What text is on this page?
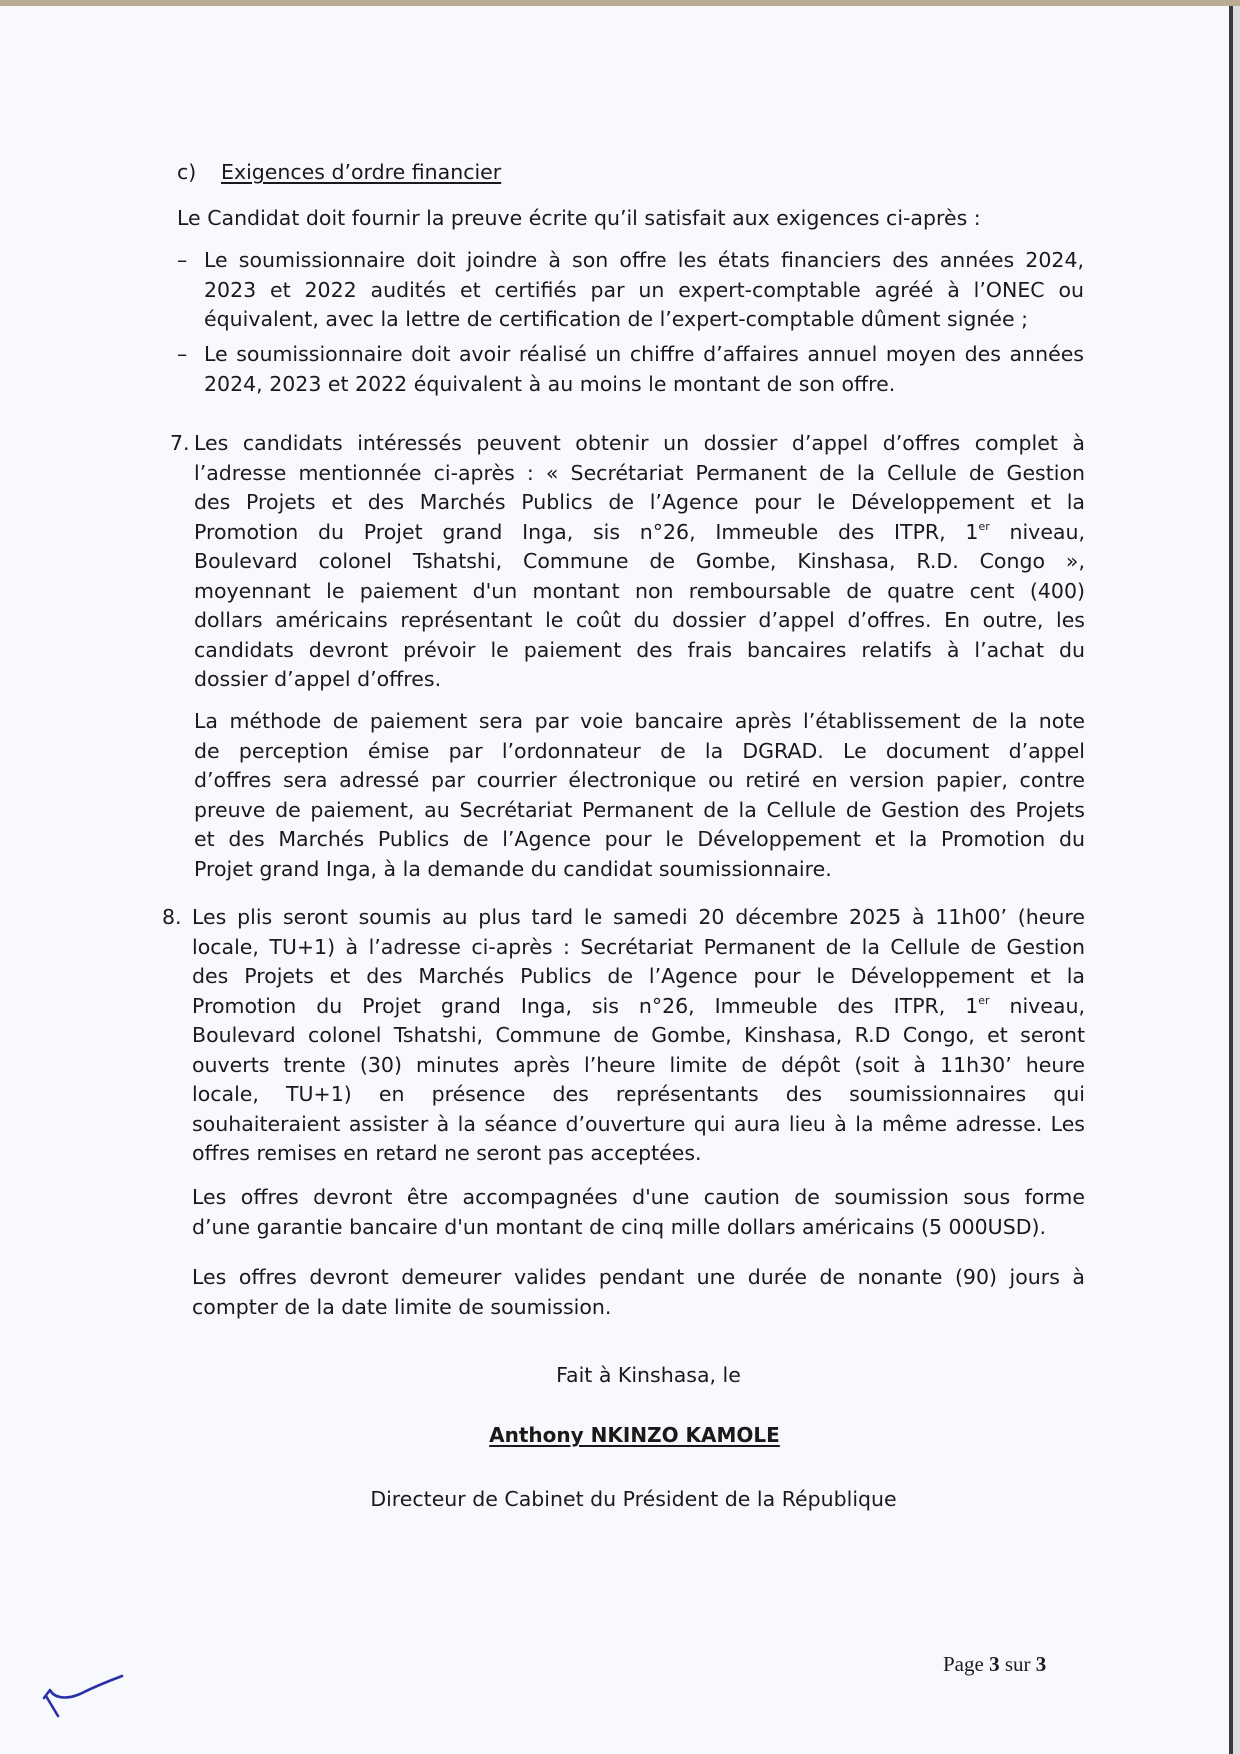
c) Exigences d’ordre financier
Le Candidat doit fournir la preuve écrite qu’il satisfait aux exigences ci-après :
– Le soumissionnaire doit joindre à son offre les états financiers des années 2024,
2023 et 2022 audités et certifiés par un expert-comptable agréé à l’ONEC ou
équivalent, avec la lettre de certification de l’expert-comptable dûment signée ;
– Le soumissionnaire doit avoir réalisé un chiffre d’affaires annuel moyen des années
2024, 2023 et 2022 équivalent à au moins le montant de son offre.
7. Les candidats intéressés peuvent obtenir un dossier d’appel d’offres complet à
l’adresse mentionnée ci-après : « Secrétariat Permanent de la Cellule de Gestion
des Projets et des Marchés Publics de l’Agence pour le Développement et la
Promotion du Projet grand Inga, sis n°26, Immeuble des ITPR, 1er niveau,
Boulevard colonel Tshatshi, Commune de Gombe, Kinshasa, R.D. Congo »,
moyennant le paiement d'un montant non remboursable de quatre cent (400)
dollars américains représentant le coût du dossier d’appel d’offres. En outre, les
candidats devront prévoir le paiement des frais bancaires relatifs à l’achat du
dossier d’appel d’offres.
La méthode de paiement sera par voie bancaire après l’établissement de la note
de perception émise par l’ordonnateur de la DGRAD. Le document d’appel
d’offres sera adressé par courrier électronique ou retiré en version papier, contre
preuve de paiement, au Secrétariat Permanent de la Cellule de Gestion des Projets
et des Marchés Publics de l’Agence pour le Développement et la Promotion du
Projet grand Inga, à la demande du candidat soumissionnaire.
8. Les plis seront soumis au plus tard le samedi 20 décembre 2025 à 11h00’ (heure
locale, TU+1) à l’adresse ci-après : Secrétariat Permanent de la Cellule de Gestion
des Projets et des Marchés Publics de l’Agence pour le Développement et la
Promotion du Projet grand Inga, sis n°26, Immeuble des ITPR, 1er niveau,
Boulevard colonel Tshatshi, Commune de Gombe, Kinshasa, R.D Congo, et seront
ouverts trente (30) minutes après l’heure limite de dépôt (soit à 11h30’ heure
locale, TU+1) en présence des représentants des soumissionnaires qui
souhaiteraient assister à la séance d’ouverture qui aura lieu à la même adresse. Les
offres remises en retard ne seront pas acceptées.
Les offres devront être accompagnées d'une caution de soumission sous forme
d’une garantie bancaire d'un montant de cinq mille dollars américains (5 000USD).
Les offres devront demeurer valides pendant une durée de nonante (90) jours à
compter de la date limite de soumission.
Fait à Kinshasa, le
Anthony NKINZO KAMOLE
Directeur de Cabinet du Président de la République
Page 3 sur 3
